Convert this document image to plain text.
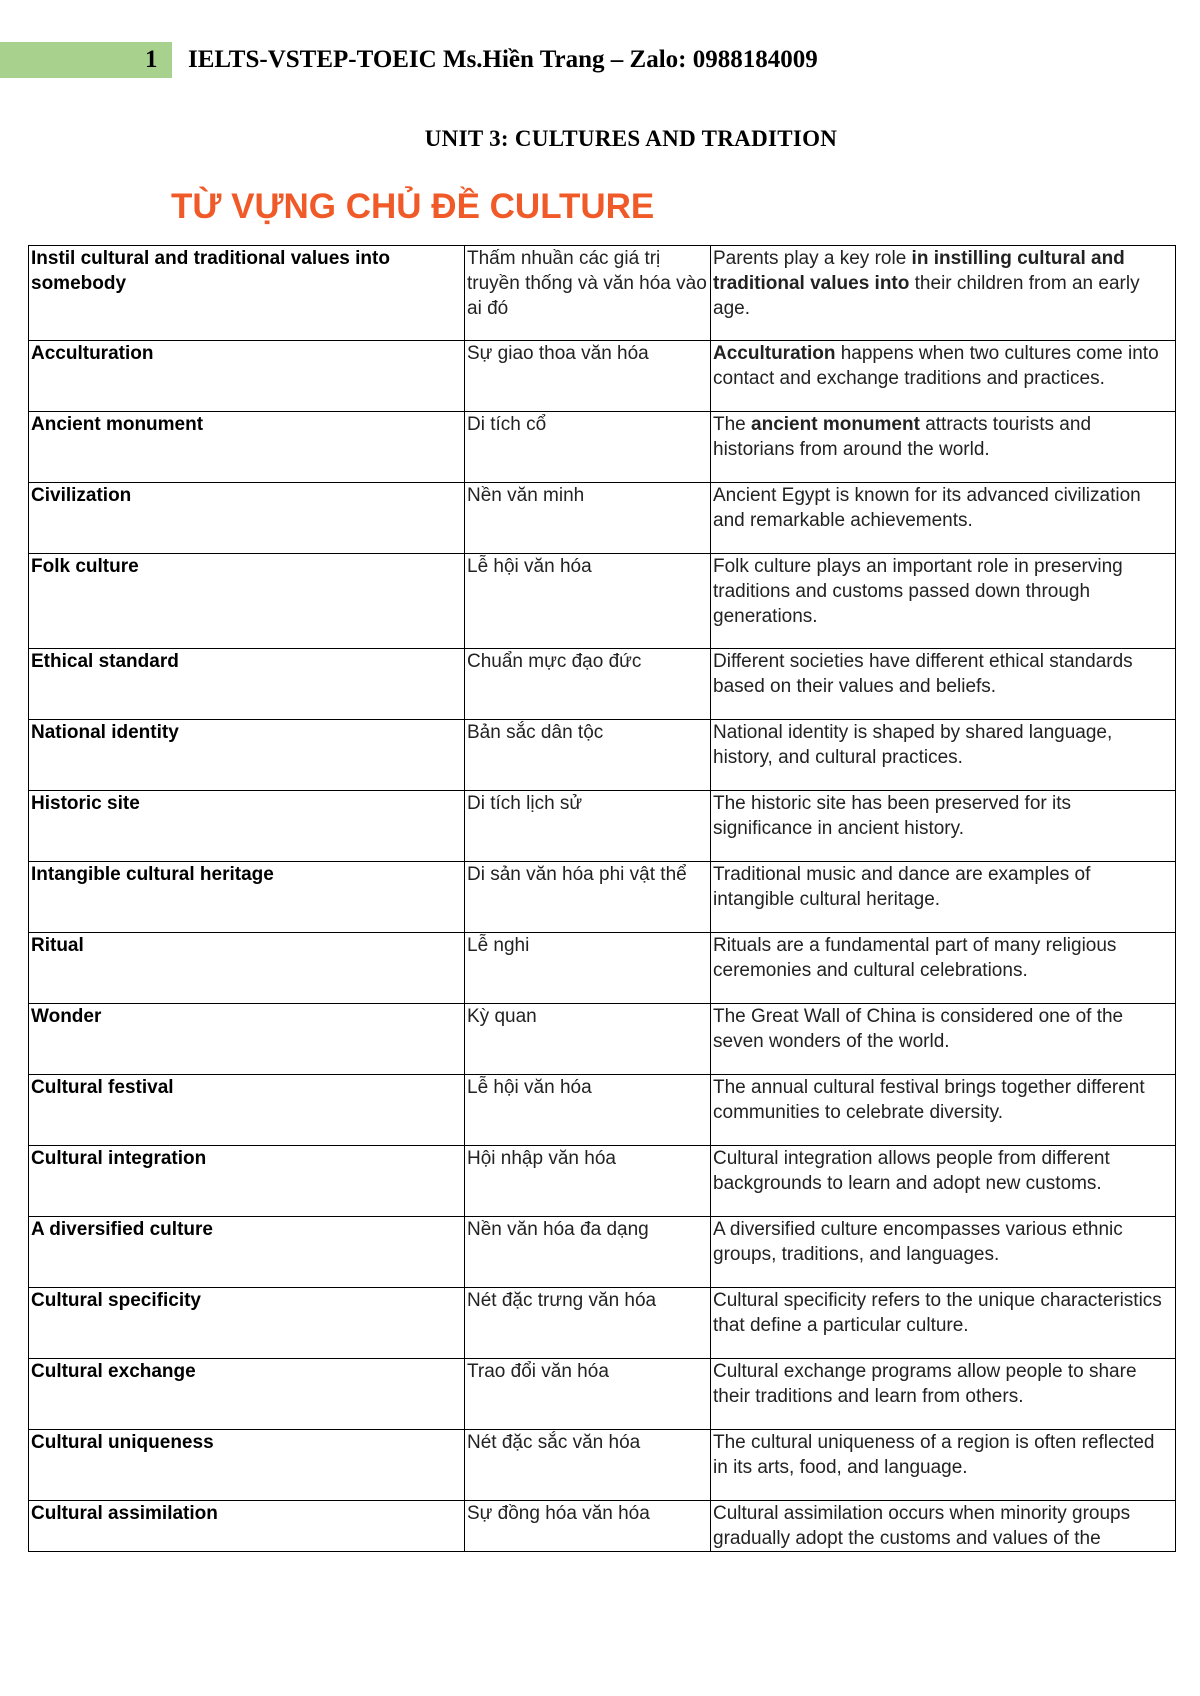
1 IELTS-VSTEP-TOEIC Ms.Hiền Trang – Zalo: 0988184009
UNIT 3: CULTURES AND TRADITION
TỪ VỰNG CHỦ ĐỀ CULTURE
Instil cultural and traditional values into somebody	Thấm nhuần các giá trị truyền thống và văn hóa vào ai đó	Parents play a key role in instilling cultural and traditional values into their children from an early age.
Acculturation	Sự giao thoa văn hóa	Acculturation happens when two cultures come into contact and exchange traditions and practices.
Ancient monument	Di tích cổ	The ancient monument attracts tourists and historians from around the world.
Civilization	Nền văn minh	Ancient Egypt is known for its advanced civilization and remarkable achievements.
Folk culture	Lễ hội văn hóa	Folk culture plays an important role in preserving traditions and customs passed down through generations.
Ethical standard	Chuẩn mực đạo đức	Different societies have different ethical standards based on their values and beliefs.
National identity	Bản sắc dân tộc	National identity is shaped by shared language, history, and cultural practices.
Historic site	Di tích lịch sử	The historic site has been preserved for its significance in ancient history.
Intangible cultural heritage	Di sản văn hóa phi vật thể	Traditional music and dance are examples of intangible cultural heritage.
Ritual	Lễ nghi	Rituals are a fundamental part of many religious ceremonies and cultural celebrations.
Wonder	Kỳ quan	The Great Wall of China is considered one of the seven wonders of the world.
Cultural festival	Lễ hội văn hóa	The annual cultural festival brings together different communities to celebrate diversity.
Cultural integration	Hội nhập văn hóa	Cultural integration allows people from different backgrounds to learn and adopt new customs.
A diversified culture	Nền văn hóa đa dạng	A diversified culture encompasses various ethnic groups, traditions, and languages.
Cultural specificity	Nét đặc trưng văn hóa	Cultural specificity refers to the unique characteristics that define a particular culture.
Cultural exchange	Trao đổi văn hóa	Cultural exchange programs allow people to share their traditions and learn from others.
Cultural uniqueness	Nét đặc sắc văn hóa	The cultural uniqueness of a region is often reflected in its arts, food, and language.
Cultural assimilation	Sự đồng hóa văn hóa	Cultural assimilation occurs when minority groups gradually adopt the customs and values of the
